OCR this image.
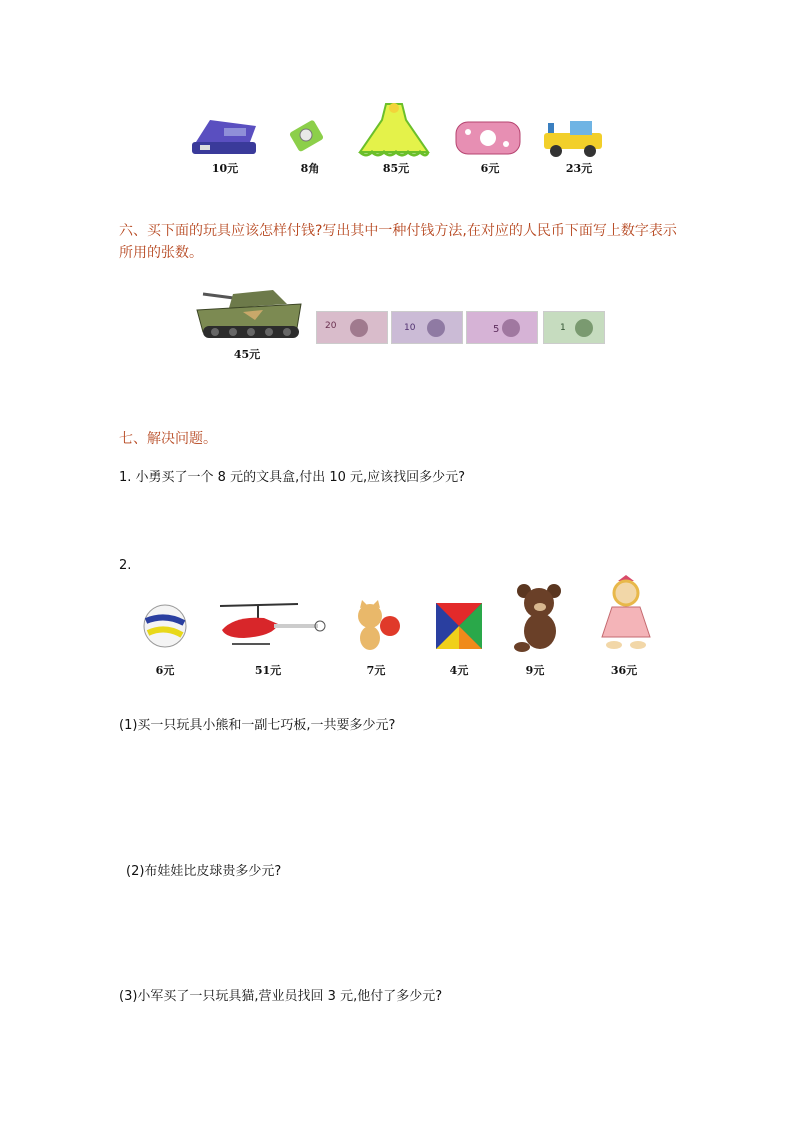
10元	8角	85元	6元	23元
六、买下面的玩具应该怎样付钱?写出其中一种付钱方法,在对应的人民币下面写上数字表示
所用的张数。
45元
20	10	5	1
七、解决问题。
1. 小勇买了一个 8 元的文具盒,付出 10 元,应该找回多少元?
2.
6元	51元	7元	4元	9元	36元
(1)买一只玩具小熊和一副七巧板,一共要多少元?
(2)布娃娃比皮球贵多少元?
(3)小军买了一只玩具猫,营业员找回 3 元,他付了多少元?
